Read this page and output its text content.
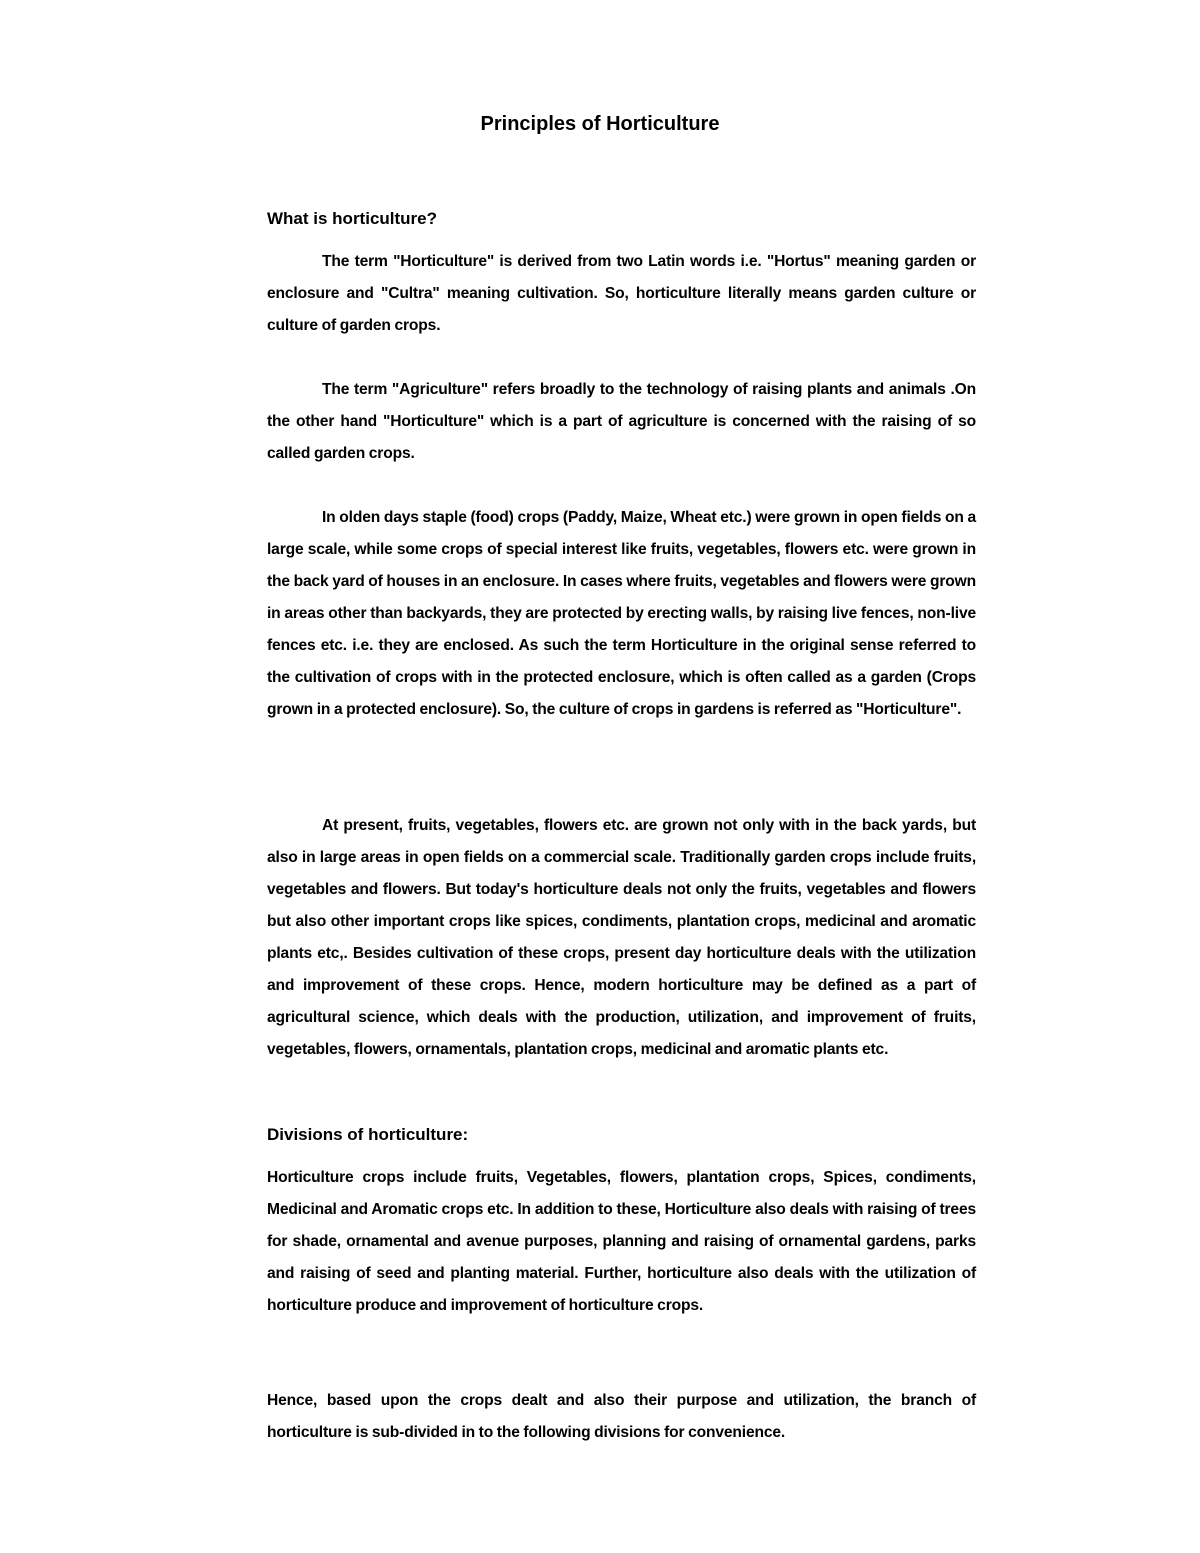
Principles of Horticulture
What is horticulture?

The term "Horticulture" is derived from two Latin words i.e. "Hortus" meaning garden or enclosure and "Cultra" meaning cultivation. So, horticulture literally means garden culture or culture of garden crops.

The term "Agriculture" refers broadly to the technology of raising plants and animals .On the other hand "Horticulture" which is a part of agriculture is concerned with the raising of so called garden crops.

In olden days staple (food) crops (Paddy, Maize, Wheat etc.) were grown in open fields on a large scale, while some crops of special interest like fruits, vegetables, flowers etc. were grown in the back yard of houses in an enclosure. In cases where fruits, vegetables and flowers were grown in areas other than backyards, they are protected by erecting walls, by raising live fences, non-live fences etc. i.e. they are enclosed. As such the term Horticulture in the original sense referred to the cultivation of crops with in the protected enclosure, which is often called as a garden (Crops grown in a protected enclosure). So, the culture of crops in gardens is referred as "Horticulture".

At present, fruits, vegetables, flowers etc. are grown not only with in the back yards, but also in large areas in open fields on a commercial scale. Traditionally garden crops include fruits, vegetables and flowers. But today's horticulture deals not only the fruits, vegetables and flowers but also other important crops like spices, condiments, plantation crops, medicinal and aromatic plants etc,. Besides cultivation of these crops, present day horticulture deals with the utilization and improvement of these crops. Hence, modern horticulture may be defined as a part of agricultural science, which deals with the production, utilization, and improvement of fruits, vegetables, flowers, ornamentals, plantation crops, medicinal and aromatic plants etc.

Divisions of horticulture:

Horticulture crops include fruits, Vegetables, flowers, plantation crops, Spices, condiments, Medicinal and Aromatic crops etc. In addition to these, Horticulture also deals with raising of trees for shade, ornamental and avenue purposes, planning and raising of ornamental gardens, parks and raising of seed and planting material. Further, horticulture also deals with the utilization of horticulture produce and improvement of horticulture crops.

Hence, based upon the crops dealt and also their purpose and utilization, the branch of horticulture is sub-divided in to the following divisions for convenience.
